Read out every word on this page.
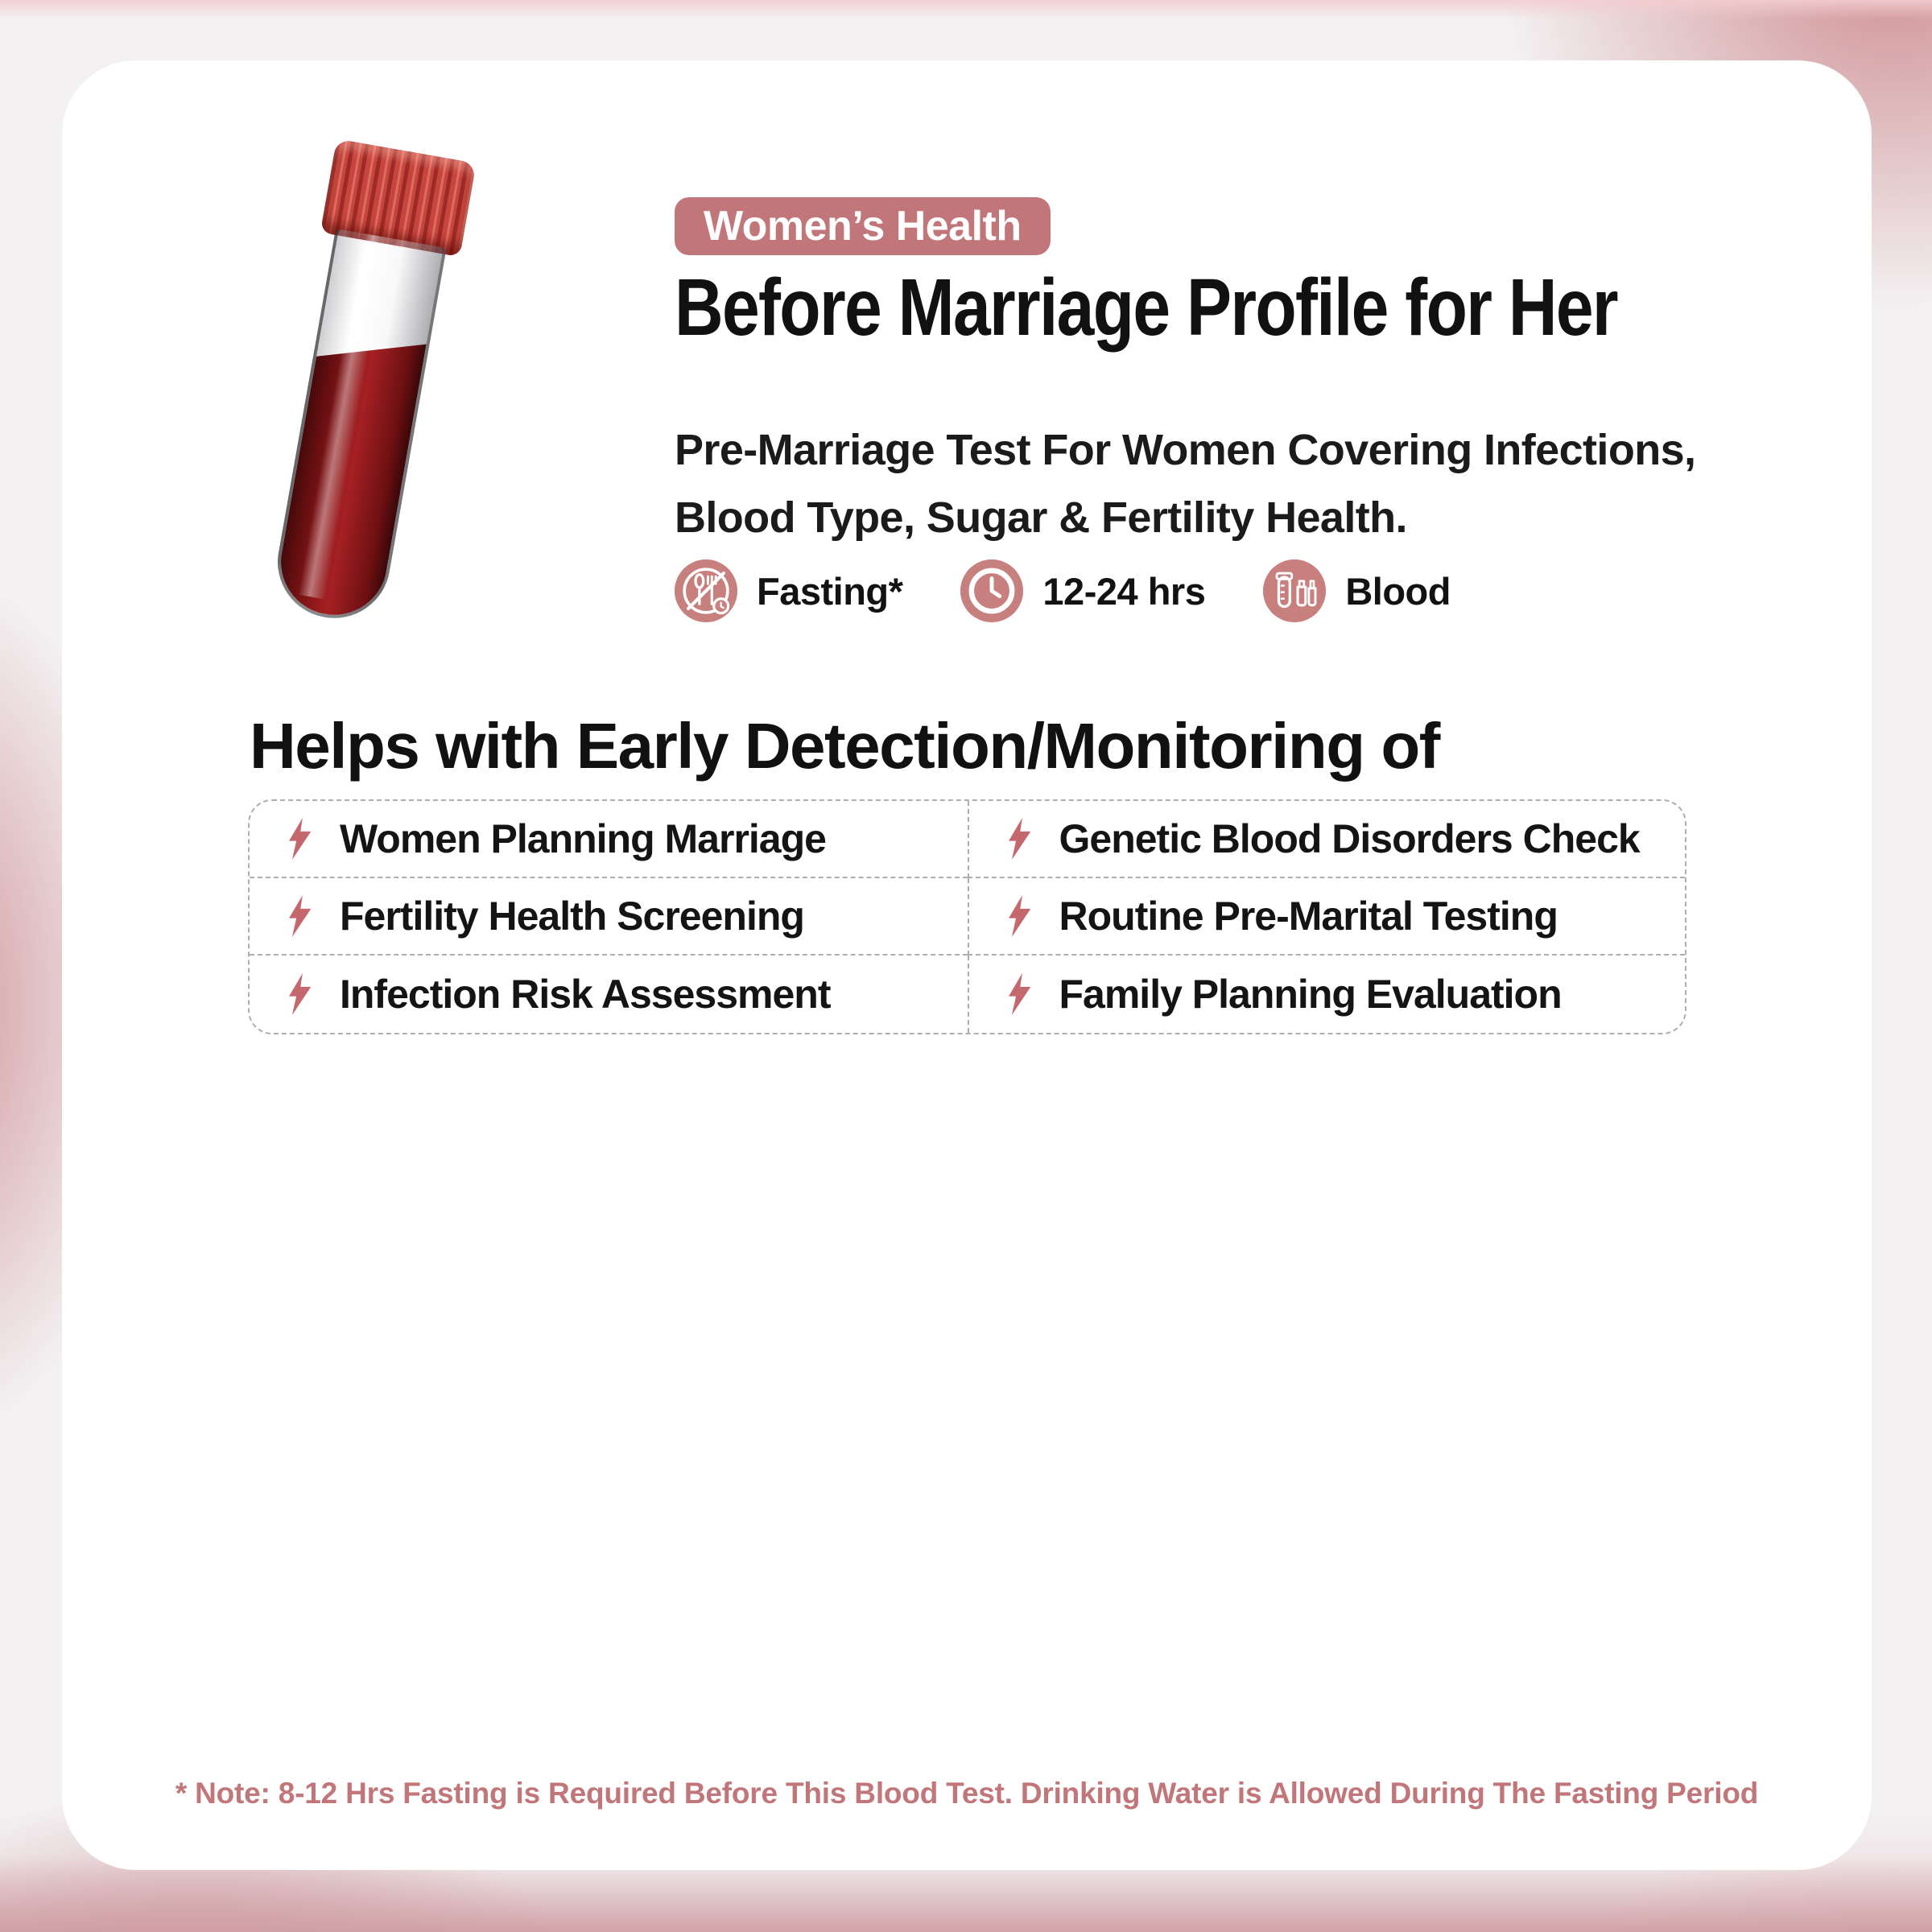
Women’s Health
Before Marriage Profile for Her

Pre-Marriage Test For Women Covering Infections, Blood Type, Sugar & Fertility Health.

Fasting*	12-24 hrs	Blood
Helps with Early Detection/Monitoring of
Women Planning Marriage	Genetic Blood Disorders Check
Fertility Health Screening	Routine Pre-Marital Testing
Infection Risk Assessment	Family Planning Evaluation

* Note: 8-12 Hrs Fasting is Required Before This Blood Test. Drinking Water is Allowed During The Fasting Period
